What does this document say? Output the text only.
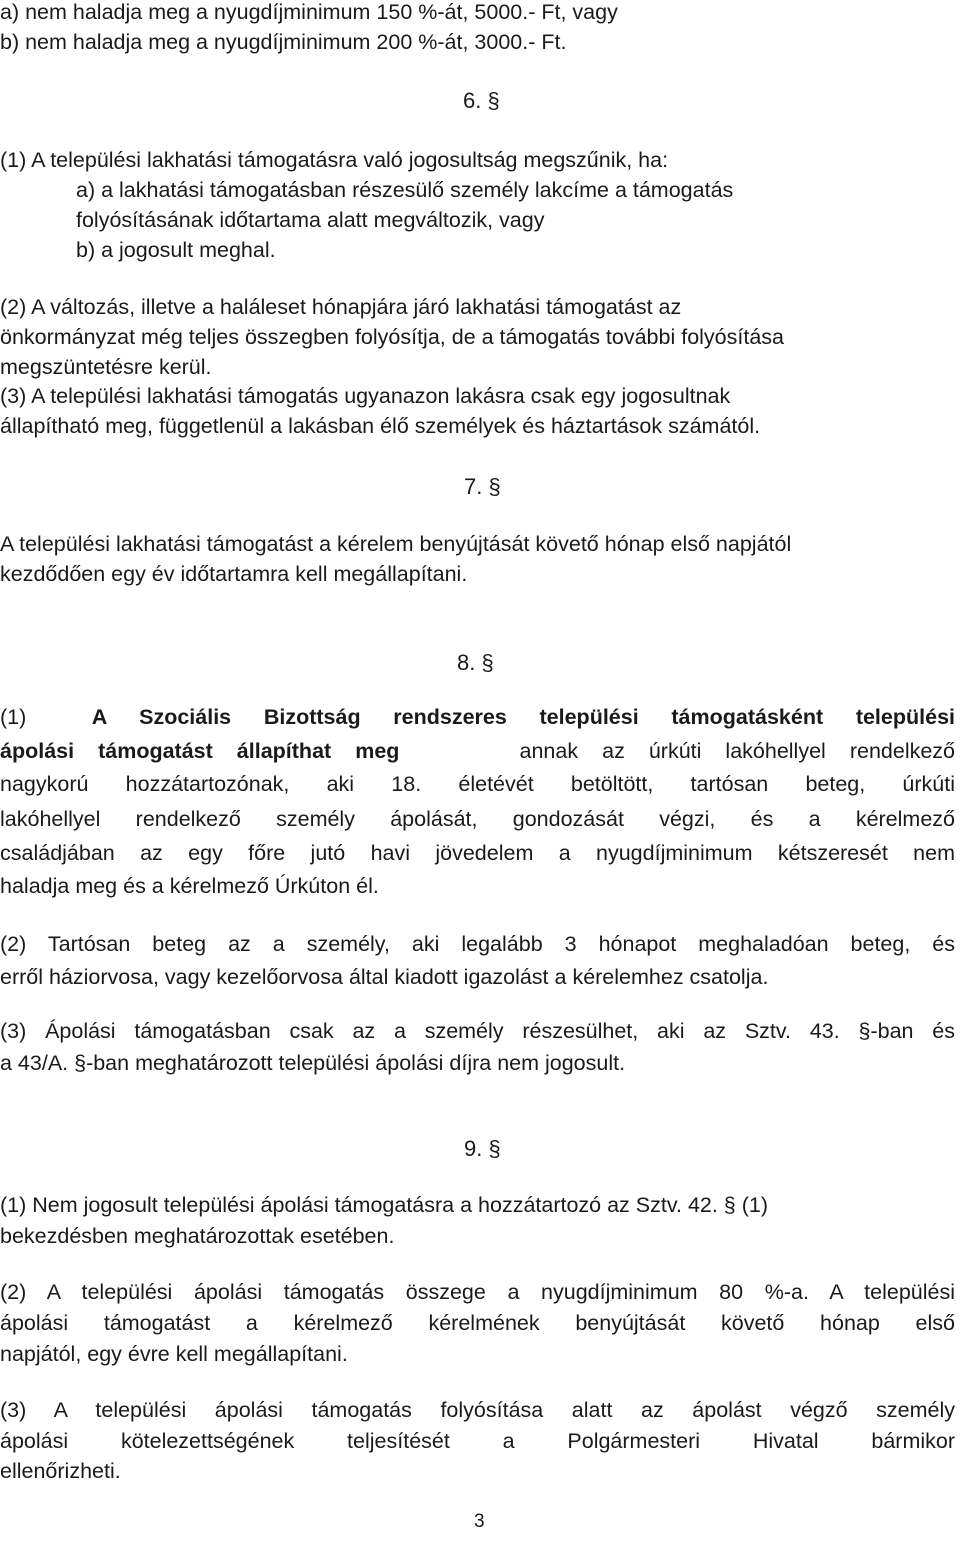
a) nem haladja meg a nyugdíjminimum 150 %-át, 5000.- Ft, vagy
b) nem haladja meg a nyugdíjminimum 200 %-át, 3000.- Ft.
6. §
(1) A települési lakhatási támogatásra való jogosultság megszűnik, ha:
a) a lakhatási támogatásban részesülő személy lakcíme a támogatás
folyósításának időtartama alatt megváltozik, vagy
b) a jogosult meghal.
(2) A változás, illetve a haláleset hónapjára járó lakhatási támogatást az
önkormányzat még teljes összegben folyósítja, de a támogatás további folyósítása
megszüntetésre kerül.
(3) A települési lakhatási támogatás ugyanazon lakásra csak egy jogosultnak
állapítható meg, függetlenül a lakásban élő személyek és háztartások számától.
7. §
A települési lakhatási támogatást a kérelem benyújtását követő hónap első napjától
kezdődően egy év időtartamra kell megállapítani.
8. §
(1)	A Szociális Bizottság rendszeres települési támogatásként települési
ápolási támogatást állapíthat meg	annak az úrkúti lakóhellyel rendelkező
nagykorú hozzátartozónak, aki 18. életévét betöltött, tartósan beteg, úrkúti
lakóhellyel rendelkező személy ápolását, gondozását végzi, és a kérelmező
családjában az egy főre jutó havi jövedelem a nyugdíjminimum kétszeresét nem
haladja meg és a kérelmező Úrkúton él.
(2) Tartósan beteg az a személy, aki legalább 3 hónapot meghaladóan beteg, és
erről háziorvosa, vagy kezelőorvosa által kiadott igazolást a kérelemhez csatolja.
(3) Ápolási támogatásban csak az a személy részesülhet, aki az Sztv. 43. §-ban és
a 43/A. §-ban meghatározott települési ápolási díjra nem jogosult.
9. §
(1) Nem jogosult települési ápolási támogatásra a hozzátartozó az Sztv. 42. § (1)
bekezdésben meghatározottak esetében.
(2) A települési ápolási támogatás összege a nyugdíjminimum 80 %-a. A települési
ápolási támogatást a kérelmező kérelmének benyújtását követő hónap első
napjától, egy évre kell megállapítani.
(3) A települési ápolási támogatás folyósítása alatt az ápolást végző személy
ápolási kötelezettségének teljesítését a Polgármesteri Hivatal bármikor
ellenőrizheti.
3
